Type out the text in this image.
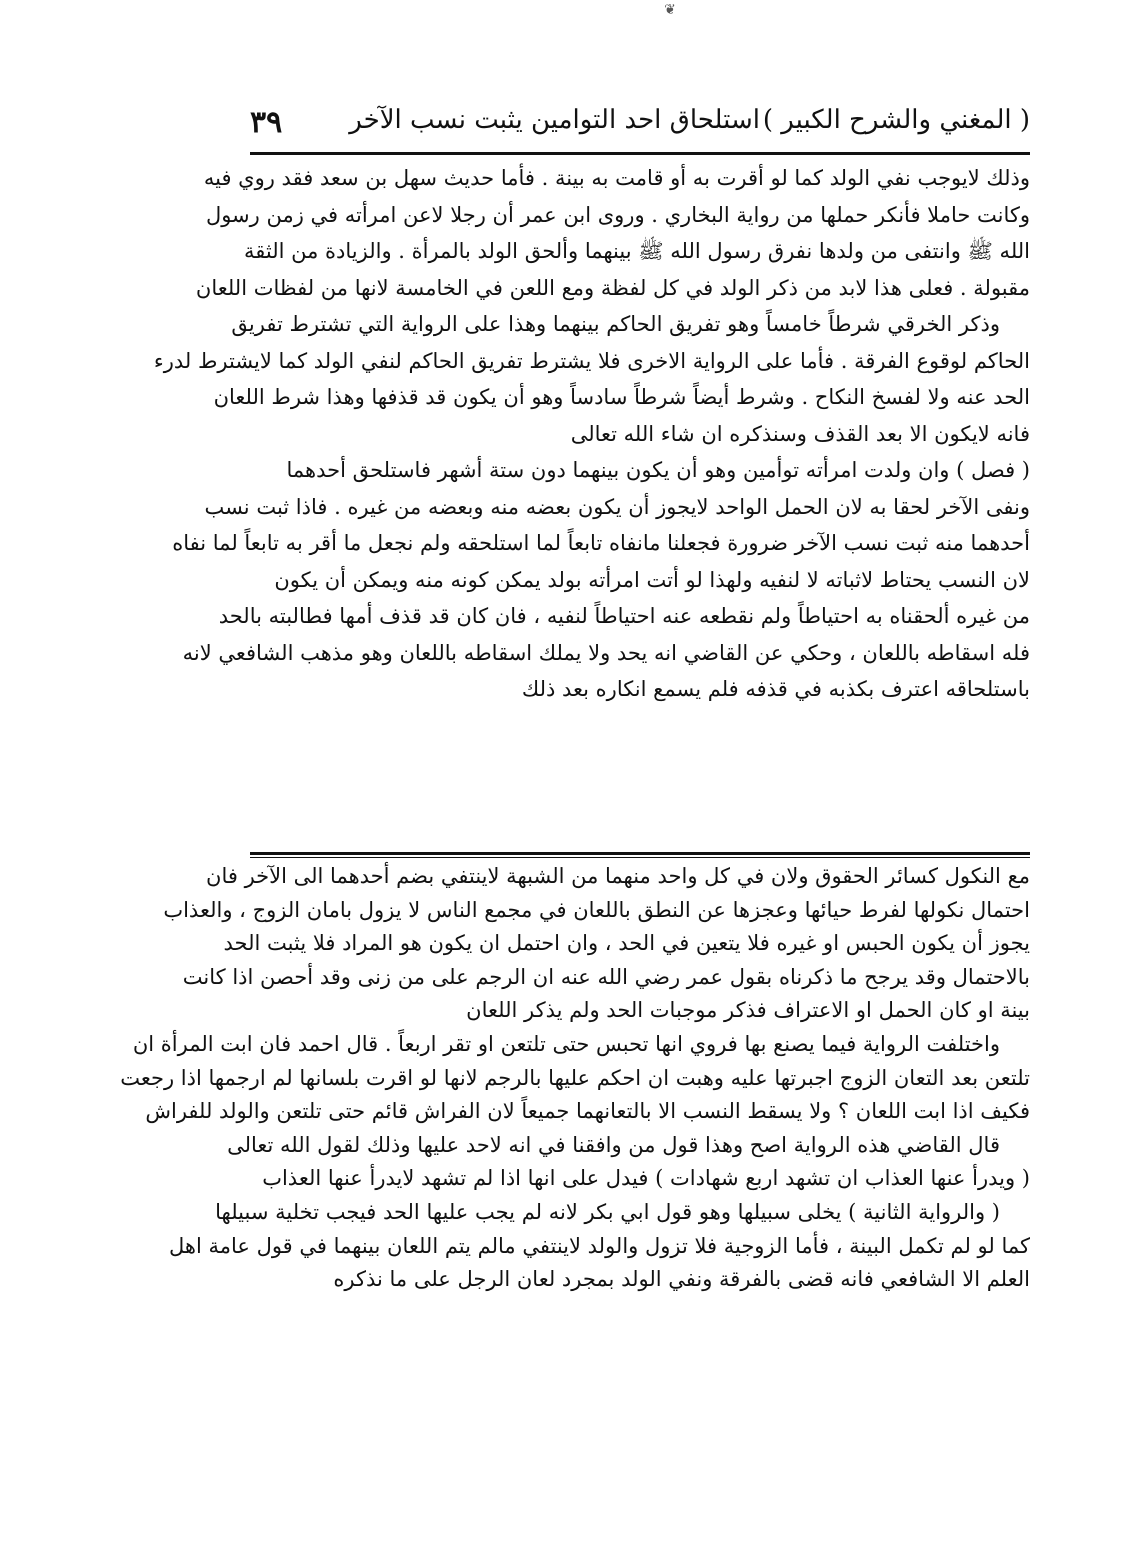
❦
( المغني والشرح الكبير )
استلحاق احد التوامين يثبت نسب الآخر
٣٩
وذلك لايوجب نفي الولد كما لو أقرت به أو قامت به بينة . فأما حديث سهل بن سعد فقد روي فيه
وكانت حاملا فأنكر حملها من رواية البخاري . وروى ابن عمر أن رجلا لاعن امرأته في زمن رسول
الله ﷺ وانتفى من ولدها نفرق رسول الله ﷺ بينهما وألحق الولد بالمرأة . والزيادة من الثقة
مقبولة . فعلى هذا لابد من ذكر الولد في كل لفظة ومع اللعن في الخامسة لانها من لفظات اللعان
وذكر الخرقي شرطاً خامساً وهو تفريق الحاكم بينهما وهذا على الرواية التي تشترط تفريق
الحاكم لوقوع الفرقة . فأما على الرواية الاخرى فلا يشترط تفريق الحاكم لنفي الولد كما لايشترط لدرء
الحد عنه ولا لفسخ النكاح . وشرط أيضاً شرطاً سادساً وهو أن يكون قد قذفها وهذا شرط اللعان
فانه لايكون الا بعد القذف وسنذكره ان شاء الله تعالى
( فصل ) وان ولدت امرأته توأمين وهو أن يكون بينهما دون ستة أشهر فاستلحق أحدهما
ونفى الآخر لحقا به لان الحمل الواحد لايجوز أن يكون بعضه منه وبعضه من غيره . فاذا ثبت نسب
أحدهما منه ثبت نسب الآخر ضرورة فجعلنا مانفاه تابعاً لما استلحقه ولم نجعل ما أقر به تابعاً لما نفاه
لان النسب يحتاط لاثباته لا لنفيه ولهذا لو أتت امرأته بولد يمكن كونه منه ويمكن أن يكون
من غيره ألحقناه به احتياطاً ولم نقطعه عنه احتياطاً لنفيه ، فان كان قد قذف أمها فطالبته بالحد
فله اسقاطه باللعان ، وحكي عن القاضي انه يحد ولا يملك اسقاطه باللعان وهو مذهب الشافعي لانه
باستلحاقه اعترف بكذبه في قذفه فلم يسمع انكاره بعد ذلك
مع النكول كسائر الحقوق ولان في كل واحد منهما من الشبهة لاينتفي بضم أحدهما الى الآخر فان
احتمال نكولها لفرط حيائها وعجزها عن النطق باللعان في مجمع الناس لا يزول بامان الزوج ، والعذاب
يجوز أن يكون الحبس او غيره فلا يتعين في الحد ، وان احتمل ان يكون هو المراد فلا يثبت الحد
بالاحتمال وقد يرجح ما ذكرناه بقول عمر رضي الله عنه ان الرجم على من زنى وقد أحصن اذا كانت
بينة او كان الحمل او الاعتراف فذكر موجبات الحد ولم يذكر اللعان
واختلفت الرواية فيما يصنع بها فروي انها تحبس حتى تلتعن او تقر اربعاً . قال احمد فان ابت المرأة ان
تلتعن بعد التعان الزوج اجبرتها عليه وهبت ان احكم عليها بالرجم لانها لو اقرت بلسانها لم ارجمها اذا رجعت
فكيف اذا ابت اللعان ؟ ولا يسقط النسب الا بالتعانهما جميعاً لان الفراش قائم حتى تلتعن والولد للفراش
قال القاضي هذه الرواية اصح وهذا قول من وافقنا في انه لاحد عليها وذلك لقول الله تعالى
( ويدرأ عنها العذاب ان تشهد اربع شهادات ) فيدل على انها اذا لم تشهد لايدرأ عنها العذاب
( والرواية الثانية ) يخلى سبيلها وهو قول ابي بكر لانه لم يجب عليها الحد فيجب تخلية سبيلها
كما لو لم تكمل البينة ، فأما الزوجية فلا تزول والولد لاينتفي مالم يتم اللعان بينهما في قول عامة اهل
العلم الا الشافعي فانه قضى بالفرقة ونفي الولد بمجرد لعان الرجل على ما نذكره
